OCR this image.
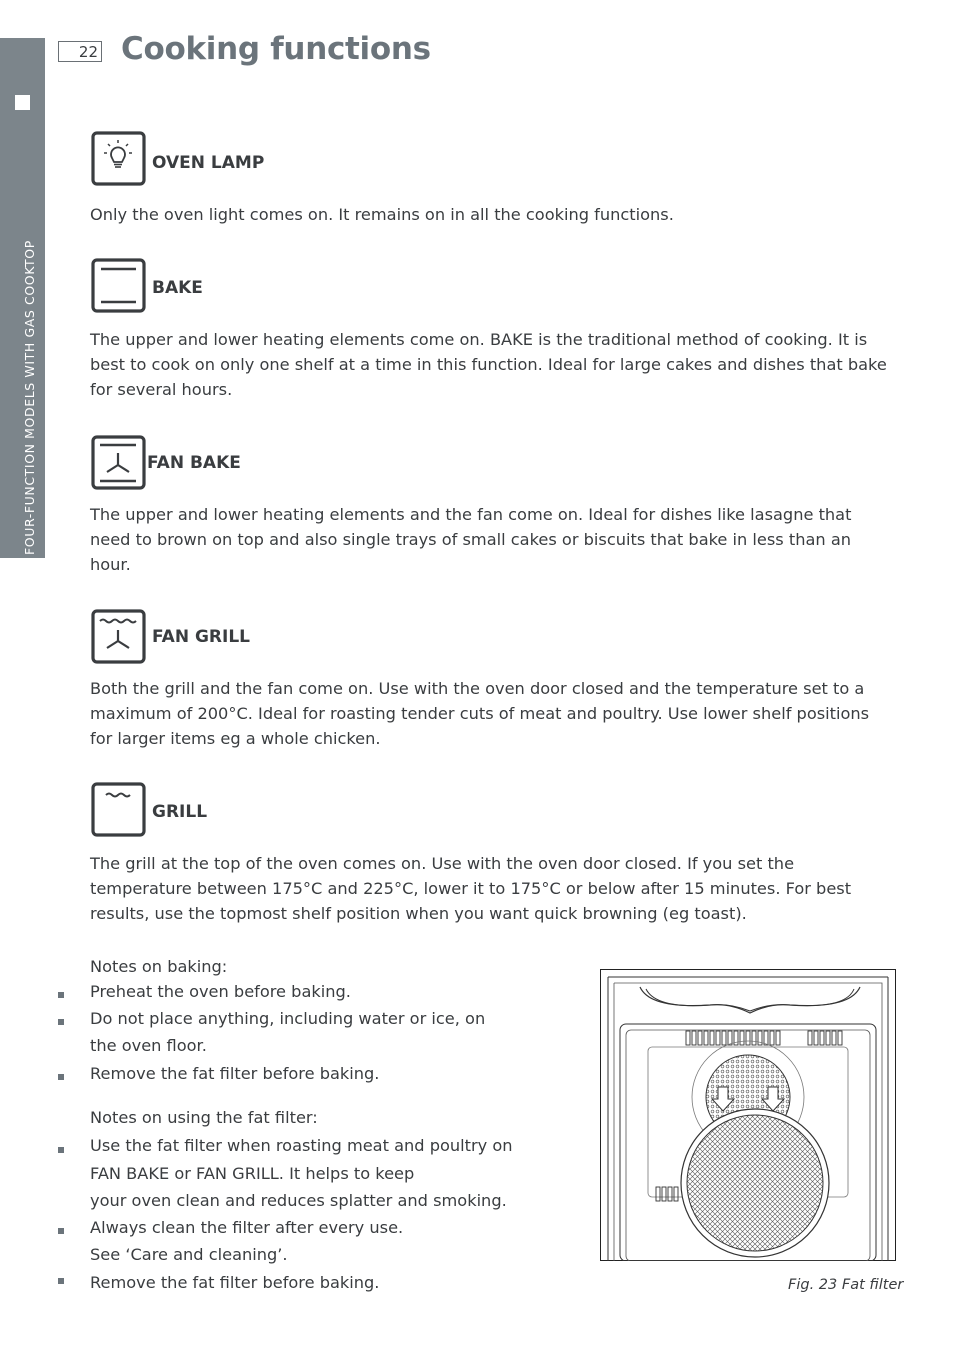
FOUR-FUNCTION MODELS WITH GAS COOKTOP
22 Cooking functions
OVEN LAMP
Only the oven light comes on. It remains on in all the cooking functions.
BAKE
The upper and lower heating elements come on. BAKE is the traditional method of cooking. It is best to cook on only one shelf at a time in this function. Ideal for large cakes and dishes that bake for several hours.
FAN BAKE
The upper and lower heating elements and the fan come on. Ideal for dishes like lasagne that need to brown on top and also single trays of small cakes or biscuits that bake in less than an hour.
FAN GRILL
Both the grill and the fan come on. Use with the oven door closed and the temperature set to a maximum of 200°C. Ideal for roasting tender cuts of meat and poultry. Use lower shelf positions for larger items eg a whole chicken.
GRILL
The grill at the top of the oven comes on. Use with the oven door closed. If you set the temperature between 175°C and 225°C, lower it to 175°C or below after 15 minutes. For best results, use the topmost shelf position when you want quick browning (eg toast).
Notes on baking:
Preheat the oven before baking.
Do not place anything, including water or ice, on
the oven floor.
Remove the fat filter before baking.
Notes on using the fat filter:
Use the fat filter when roasting meat and poultry on
FAN BAKE or FAN GRILL. It helps to keep
your oven clean and reduces splatter and smoking.
Always clean the filter after every use.
See ‘Care and cleaning’.
Remove the fat filter before baking.	Fig. 23 Fat filter
